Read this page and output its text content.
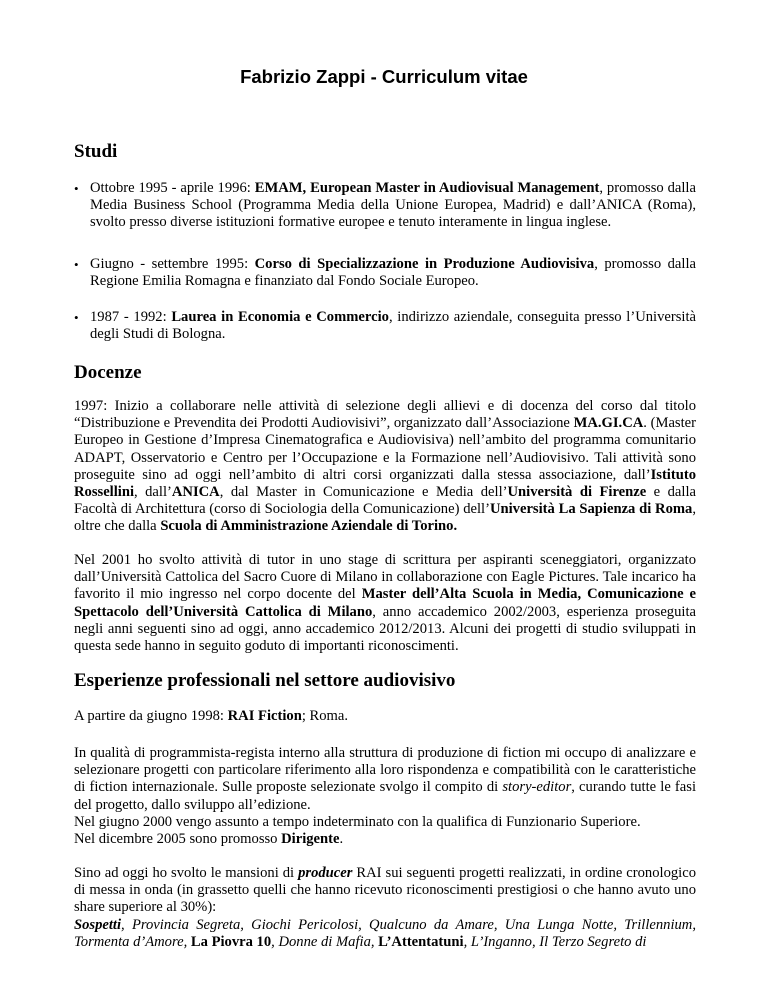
Fabrizio Zappi - Curriculum vitae
Studi
• Ottobre 1995 - aprile 1996: EMAM, European Master in Audiovisual Management, promosso dalla Media Business School (Programma Media della Unione Europea, Madrid) e dall’ANICA (Roma), svolto presso diverse istituzioni formative europee e tenuto interamente in lingua inglese.
• Giugno - settembre 1995: Corso di Specializzazione in Produzione Audiovisiva, promosso dalla Regione Emilia Romagna e finanziato dal Fondo Sociale Europeo.
• 1987 - 1992: Laurea in Economia e Commercio, indirizzo aziendale, conseguita presso l’Università degli Studi di Bologna.
Docenze

1997: Inizio a collaborare nelle attività di selezione degli allievi e di docenza del corso dal titolo “Distribuzione e Prevendita dei Prodotti Audiovisivi”, organizzato dall’Associazione MA.GI.CA. (Master Europeo in Gestione d’Impresa Cinematografica e Audiovisiva) nell’ambito del programma comunitario ADAPT, Osservatorio e Centro per l’Occupazione e la Formazione nell’Audiovisivo. Tali attività sono proseguite sino ad oggi nell’ambito di altri corsi organizzati dalla stessa associazione, dall’Istituto Rossellini, dall’ANICA, dal Master in Comunicazione e Media dell’Università di Firenze e dalla Facoltà di Architettura (corso di Sociologia della Comunicazione) dell’Università La Sapienza di Roma, oltre che dalla Scuola di Amministrazione Aziendale di Torino.

Nel 2001 ho svolto attività di tutor in uno stage di scrittura per aspiranti sceneggiatori, organizzato dall’Università Cattolica del Sacro Cuore di Milano in collaborazione con Eagle Pictures. Tale incarico ha favorito il mio ingresso nel corpo docente del Master dell’Alta Scuola in Media, Comunicazione e Spettacolo dell’Università Cattolica di Milano, anno accademico 2002/2003, esperienza proseguita negli anni seguenti sino ad oggi, anno accademico 2012/2013. Alcuni dei progetti di studio sviluppati in questa sede hanno in seguito goduto di importanti riconoscimenti.

Esperienze professionali nel settore audiovisivo

A partire da giugno 1998: RAI Fiction; Roma.

In qualità di programmista-regista interno alla struttura di produzione di fiction mi occupo di analizzare e selezionare progetti con particolare riferimento alla loro rispondenza e compatibilità con le caratteristiche di fiction internazionale. Sulle proposte selezionate svolgo il compito di story-editor, curando tutte le fasi del progetto, dallo sviluppo all’edizione.
Nel giugno 2000 vengo assunto a tempo indeterminato con la qualifica di Funzionario Superiore.
Nel dicembre 2005 sono promosso Dirigente.

Sino ad oggi ho svolto le mansioni di producer RAI sui seguenti progetti realizzati, in ordine cronologico di messa in onda (in grassetto quelli che hanno ricevuto riconoscimenti prestigiosi o che hanno avuto uno share superiore al 30%):
Sospetti, Provincia Segreta, Giochi Pericolosi, Qualcuno da Amare, Una Lunga Notte, Trillennium, Tormenta d’Amore, La Piovra 10, Donne di Mafia, L’Attentatuni, L’Inganno, Il Terzo Segreto di
